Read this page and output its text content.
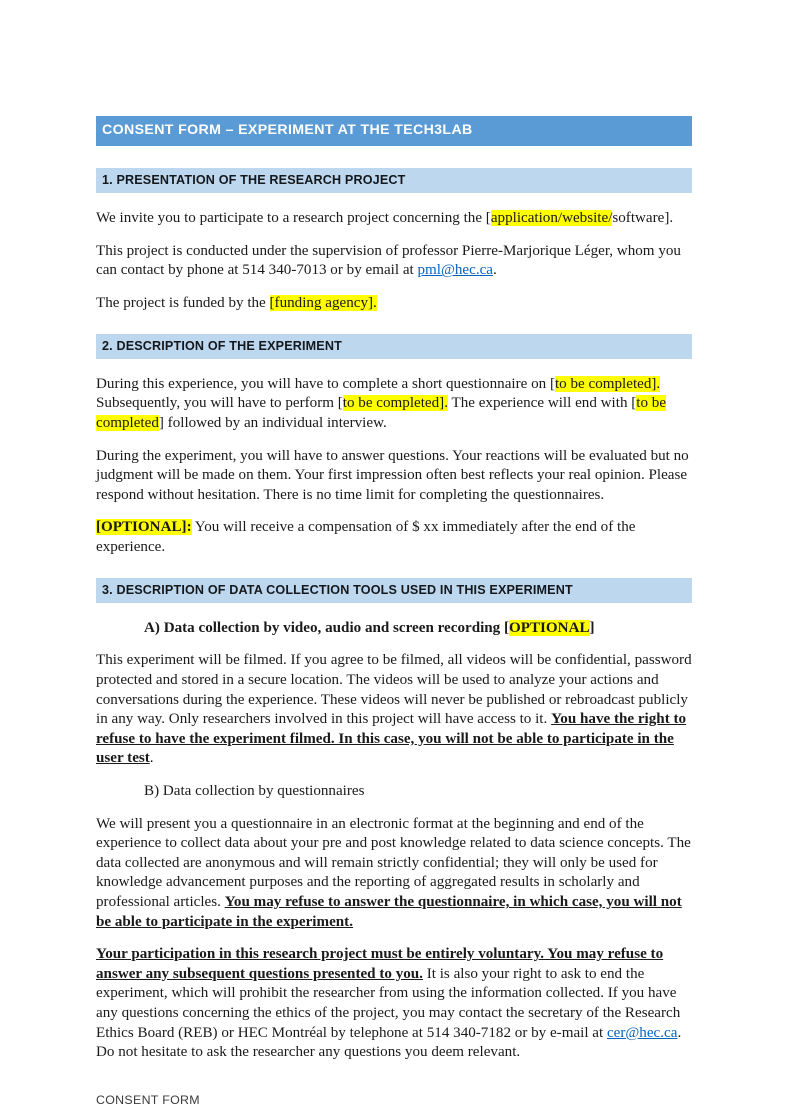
CONSENT FORM – EXPERIMENT AT THE TECH3LAB
1. PRESENTATION OF THE RESEARCH PROJECT

We invite you to participate to a research project concerning the [application/website/software].

This project is conducted under the supervision of professor Pierre-Marjorique Léger, whom you can contact by phone at 514 340-7013 or by email at pml@hec.ca.

The project is funded by the [funding agency].

2. DESCRIPTION OF THE EXPERIMENT

During this experience, you will have to complete a short questionnaire on [to be completed]. Subsequently, you will have to perform [to be completed]. The experience will end with [to be completed] followed by an individual interview.

During the experiment, you will have to answer questions. Your reactions will be evaluated but no judgment will be made on them. Your first impression often best reflects your real opinion. Please respond without hesitation. There is no time limit for completing the questionnaires.

[OPTIONAL]: You will receive a compensation of $ xx immediately after the end of the experience.

3. DESCRIPTION OF DATA COLLECTION TOOLS USED IN THIS EXPERIMENT

A) Data collection by video, audio and screen recording [OPTIONAL]

This experiment will be filmed. If you agree to be filmed, all videos will be confidential, password protected and stored in a secure location. The videos will be used to analyze your actions and conversations during the experience. These videos will never be published or rebroadcast publicly in any way. Only researchers involved in this project will have access to it. You have the right to refuse to have the experiment filmed. In this case, you will not be able to participate in the user test.

B) Data collection by questionnaires

We will present you a questionnaire in an electronic format at the beginning and end of the experience to collect data about your pre and post knowledge related to data science concepts. The data collected are anonymous and will remain strictly confidential; they will only be used for knowledge advancement purposes and the reporting of aggregated results in scholarly and professional articles. You may refuse to answer the questionnaire, in which case, you will not be able to participate in the experiment.

Your participation in this research project must be entirely voluntary. You may refuse to answer any subsequent questions presented to you. It is also your right to ask to end the experiment, which will prohibit the researcher from using the information collected. If you have any questions concerning the ethics of the project, you may contact the secretary of the Research Ethics Board (REB) or HEC Montréal by telephone at 514 340-7182 or by e-mail at cer@hec.ca. Do not hesitate to ask the researcher any questions you deem relevant.

CONSENT FORM
